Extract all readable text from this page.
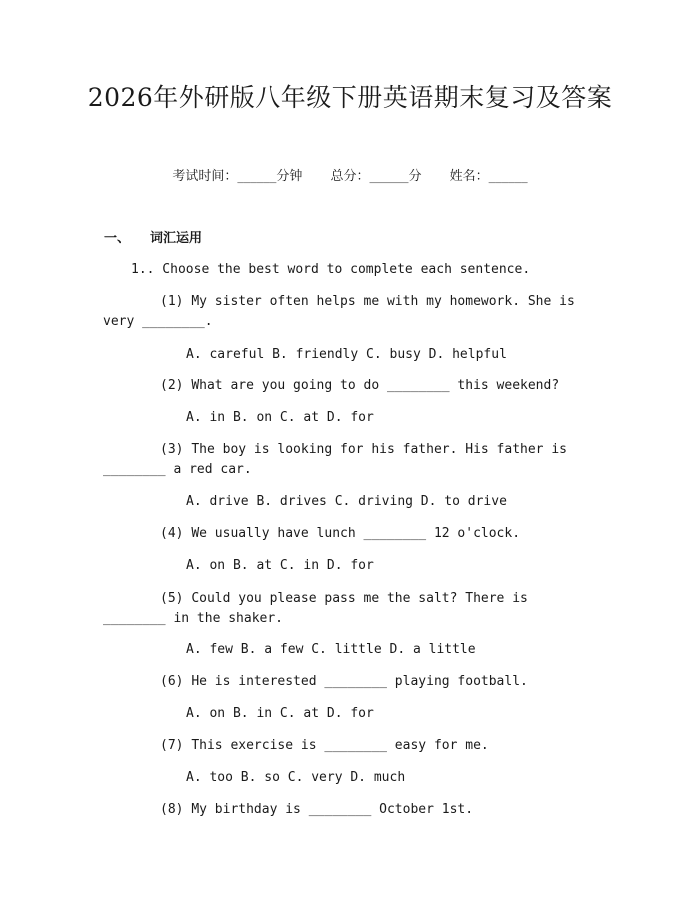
2026年外研版八年级下册英语期末复习及答案
考试时间：______分钟 总分：______分 姓名：______
一、 词汇运用
1.. Choose the best word to complete each sentence.
(1) My sister often helps me with my homework. She is very ________.
A. careful B. friendly C. busy D. helpful
(2) What are you going to do ________ this weekend?
A. in B. on C. at D. for
(3) The boy is looking for his father. His father is ________ a red car.
A. drive B. drives C. driving D. to drive
(4) We usually have lunch ________ 12 o'clock.
A. on B. at C. in D. for
(5) Could you please pass me the salt? There is ________ in the shaker.
A. few B. a few C. little D. a little
(6) He is interested ________ playing football.
A. on B. in C. at D. for
(7) This exercise is ________ easy for me.
A. too B. so C. very D. much
(8) My birthday is ________ October 1st.
